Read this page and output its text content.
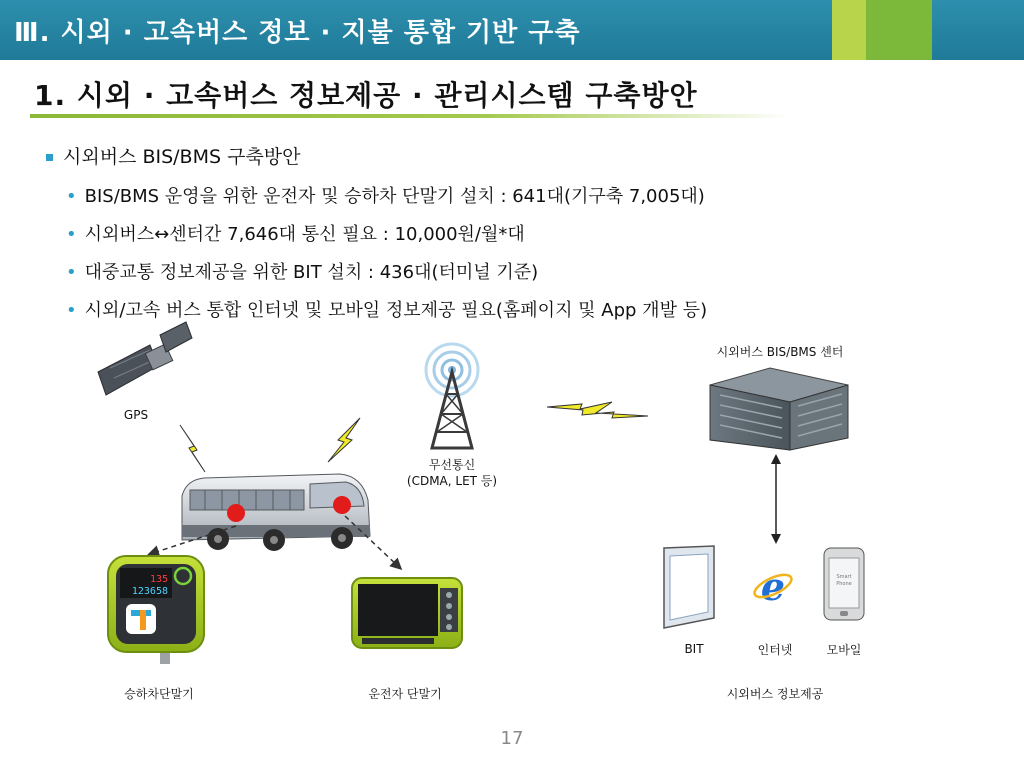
Ⅲ. 시외 · 고속버스 정보 · 지불 통합 기반 구축
1. 시외 · 고속버스 정보제공 · 관리시스템 구축방안
시외버스 BIS/BMS 구축방안
• BIS/BMS 운영을 위한 운전자 및 승하차 단말기 설치 : 641대(기구축 7,005대)
• 시외버스↔센터간 7,646대 통신 필요 : 10,000원/월*대
• 대중교통 정보제공을 위한 BIT 설치 : 436대(터미널 기준)
• 시외/고속 버스 통합 인터넷 및 모바일 정보제공 필요(홈페이지 및 App 개발 등)
135
123658	e	Smart
Phone
GPS
무선통신
(CDMA, LET 등)
시외버스 BIS/BMS 센터
승하차단말기	운전자 단말기
BIT	인터넷	모바일
시외버스 정보제공
17
